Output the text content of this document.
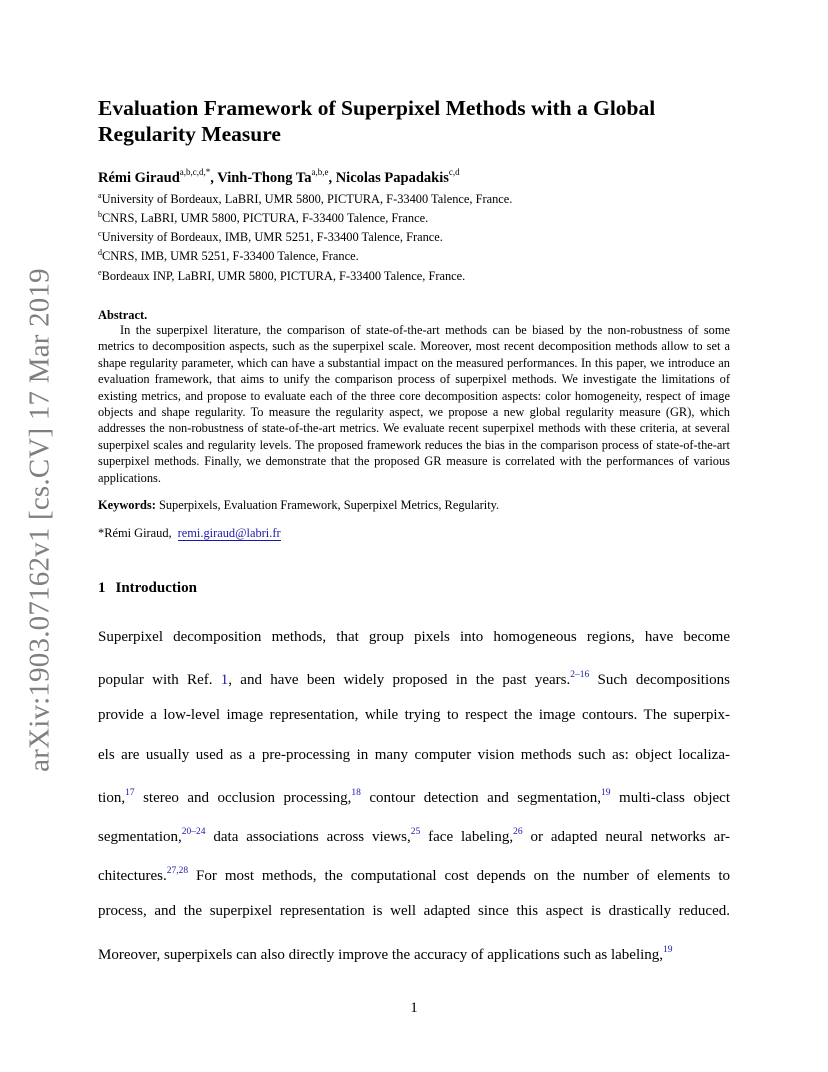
arXiv:1903.07162v1 [cs.CV] 17 Mar 2019
Evaluation Framework of Superpixel Methods with a Global
Regularity Measure
Rémi Giraud$^{a,b,c,d,*}$, Vinh-Thong Ta$^{a,b,e}$, Nicolas Papadakis$^{c,d}$
$^a$University of Bordeaux, LaBRI, UMR 5800, PICTURA, F-33400 Talence, France.
$^b$CNRS, LaBRI, UMR 5800, PICTURA, F-33400 Talence, France.
$^c$University of Bordeaux, IMB, UMR 5251, F-33400 Talence, France.
$^d$CNRS, IMB, UMR 5251, F-33400 Talence, France.
$^e$Bordeaux INP, LaBRI, UMR 5800, PICTURA, F-33400 Talence, France.
Abstract.
In the superpixel literature, the comparison of state-of-the-art methods can be biased by the non-robustness of some metrics to decomposition aspects, such as the superpixel scale. Moreover, most recent decomposition methods allow to set a shape regularity parameter, which can have a substantial impact on the measured performances. In this paper, we introduce an evaluation framework, that aims to unify the comparison process of superpixel methods. We investigate the limitations of existing metrics, and propose to evaluate each of the three core decomposition aspects: color homogeneity, respect of image objects and shape regularity. To measure the regularity aspect, we propose a new global regularity measure (GR), which addresses the non-robustness of state-of-the-art metrics. We evaluate recent superpixel methods with these criteria, at several superpixel scales and regularity levels. The proposed framework reduces the bias in the comparison process of state-of-the-art superpixel methods. Finally, we demonstrate that the proposed GR measure is correlated with the performances of various applications.
Keywords: Superpixels, Evaluation Framework, Superpixel Metrics, Regularity.
*Rémi Giraud, remi.giraud@labri.fr
1 Introduction
Superpixel decomposition methods, that group pixels into homogeneous regions, have become
popular with Ref. 1, and have been widely proposed in the past years.$^{2-16}$ Such decompositions
provide a low-level image representation, while trying to respect the image contours. The superpix-
els are usually used as a pre-processing in many computer vision methods such as: object localiza-
tion,$^{17}$ stereo and occlusion processing,$^{18}$ contour detection and segmentation,$^{19}$ multi-class object
segmentation,$^{20-24}$ data associations across views,$^{25}$ face labeling,$^{26}$ or adapted neural networks ar-
chitectures.$^{27,28}$ For most methods, the computational cost depends on the number of elements to
process, and the superpixel representation is well adapted since this aspect is drastically reduced.
Moreover, superpixels can also directly improve the accuracy of applications such as labeling,$^{19}$
1
